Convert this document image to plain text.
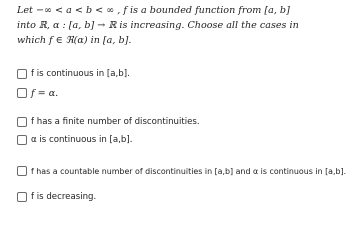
Let −∞ < a < b < ∞ , f is a bounded function from [a, b]
into ℝ, α : [a, b] → ℝ is increasing. Choose all the cases in
which f ∈ ℜ(α) in [a, b].
f is continuous in [a,b].
f = α.
f has a finite number of discontinuities.
α is continuous in [a,b].
f has a countable number of discontinuities in [a,b] and α is continuous in [a,b].
f is decreasing.
